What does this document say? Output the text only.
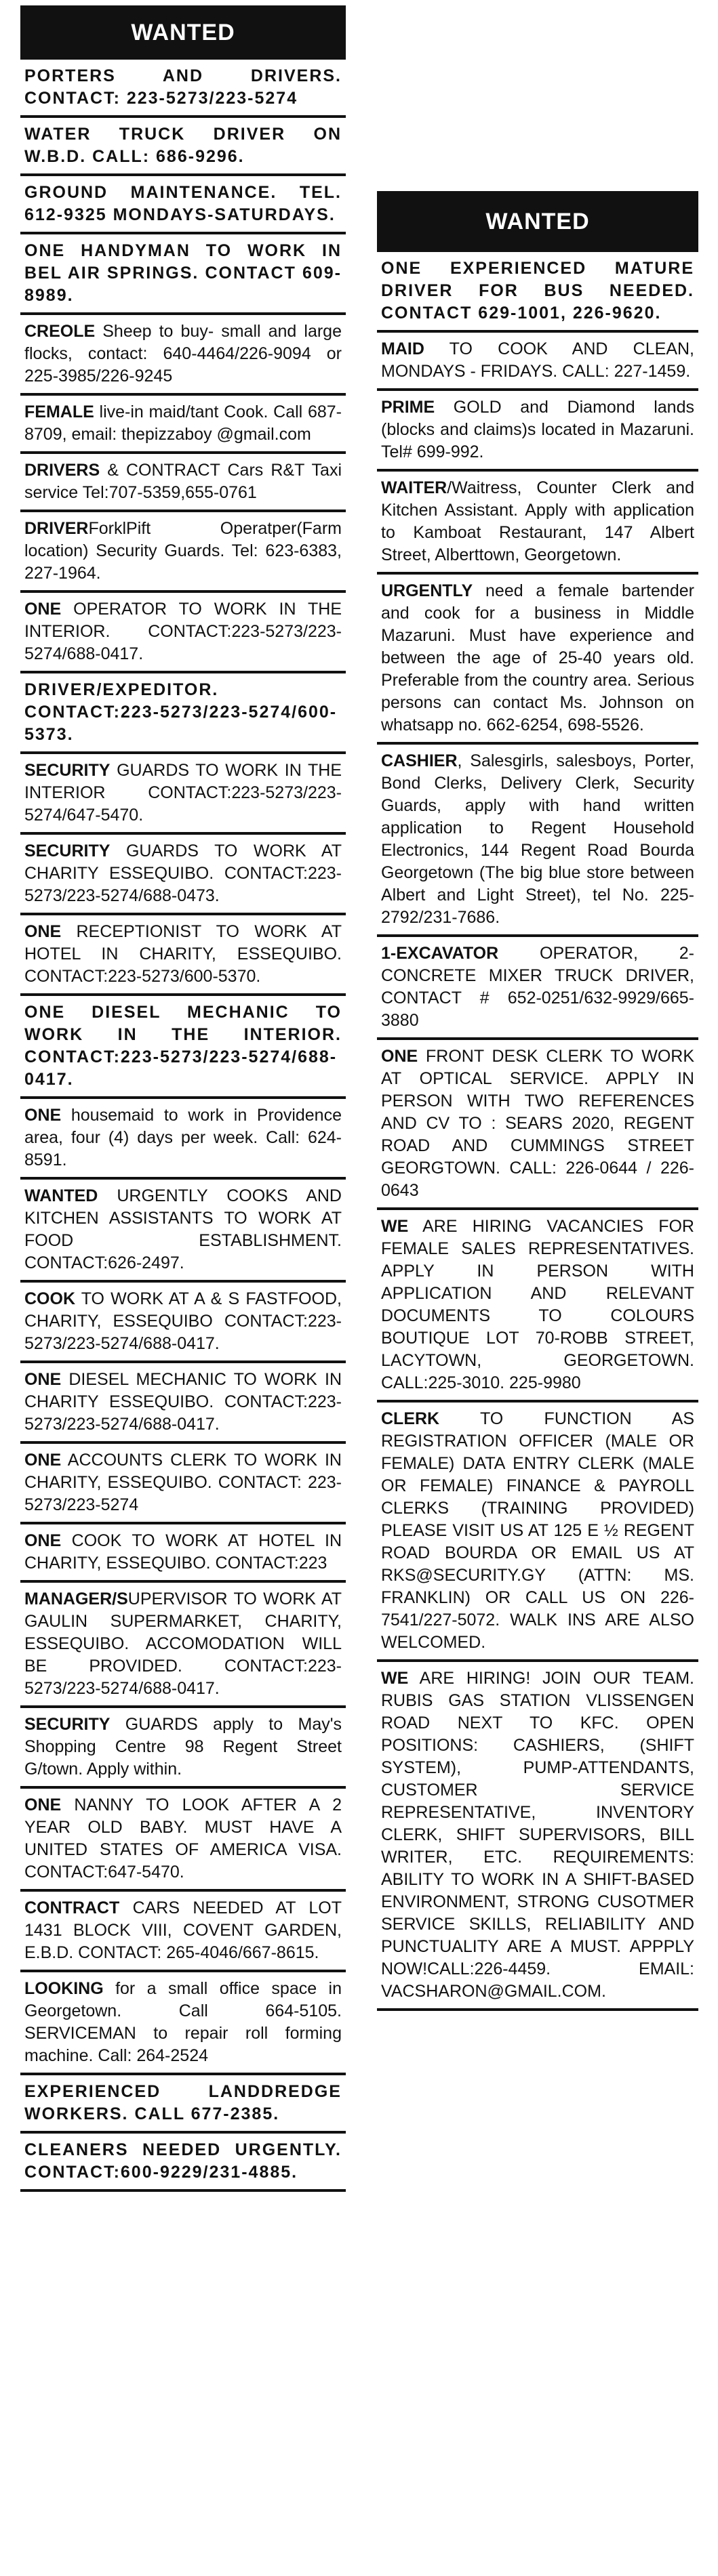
WANTED
PORTERS AND DRIVERS. CONTACT: 223-5273/223-5274
WATER TRUCK DRIVER ON W.B.D. CALL: 686-9296.
GROUND MAINTENANCE. TEL. 612-9325 MONDAYS-SATURDAYS.
ONE HANDYMAN TO WORK IN BEL AIR SPRINGS. CONTACT 609-8989.
CREOLE Sheep to buy- small and large flocks, contact: 640-4464/226-9094 or 225-3985/226-9245
FEMALE live-in maid/tant Cook. Call 687-8709, email: thepizzaboy @gmail.com
DRIVERS & CONTRACT Cars R&T Taxi service Tel:707-5359,655-0761
DRIVERForklPift Operatper(Farm location) Security Guards. Tel: 623-6383, 227-1964.
ONE OPERATOR TO WORK IN THE INTERIOR. CONTACT:223-5273/223-5274/688-0417.
DRIVER/EXPEDITOR. CONTACT:223-5273/223-5274/600-5373.
SECURITY GUARDS TO WORK IN THE INTERIOR CONTACT:223-5273/223-5274/647-5470.
SECURITY GUARDS TO WORK AT CHARITY ESSEQUIBO. CONTACT:223-5273/223-5274/688-0473.
ONE RECEPTIONIST TO WORK AT HOTEL IN CHARITY, ESSEQUIBO. CONTACT:223-5273/600-5370.
ONE DIESEL MECHANIC TO WORK IN THE INTERIOR. CONTACT:223-5273/223-5274/688-0417.
ONE housemaid to work in Providence area, four (4) days per week. Call: 624-8591.
WANTED URGENTLY COOKS AND KITCHEN ASSISTANTS TO WORK AT FOOD ESTABLISHMENT. CONTACT:626-2497.
COOK TO WORK AT A & S FASTFOOD, CHARITY, ESSEQUIBO CONTACT:223-5273/223-5274/688-0417.
ONE DIESEL MECHANIC TO WORK IN CHARITY ESSEQUIBO. CONTACT:223-5273/223-5274/688-0417.
ONE ACCOUNTS CLERK TO WORK IN CHARITY, ESSEQUIBO. CONTACT: 223-5273/223-5274
ONE COOK TO WORK AT HOTEL IN CHARITY, ESSEQUIBO. CONTACT:223
MANAGER/SUPERVISOR TO WORK AT GAULIN SUPERMARKET, CHARITY, ESSEQUIBO. ACCOMODATION WILL BE PROVIDED. CONTACT:223-5273/223-5274/688-0417.
SECURITY GUARDS apply to May's Shopping Centre 98 Regent Street G/town. Apply within.
ONE NANNY TO LOOK AFTER A 2 YEAR OLD BABY. MUST HAVE A UNITED STATES OF AMERICA VISA. CONTACT:647-5470.
CONTRACT CARS NEEDED AT LOT 1431 BLOCK VIII, COVENT GARDEN, E.B.D. CONTACT: 265-4046/667-8615.
LOOKING for a small office space in Georgetown. Call 664-5105. SERVICEMAN to repair roll forming machine. Call: 264-2524
EXPERIENCED LANDDREDGE WORKERS. CALL 677-2385.
CLEANERS NEEDED URGENTLY. CONTACT:600-9229/231-4885.
WANTED
ONE EXPERIENCED MATURE DRIVER FOR BUS NEEDED. CONTACT 629-1001, 226-9620.
MAID TO COOK AND CLEAN, MONDAYS - FRIDAYS. CALL: 227-1459.
PRIME GOLD and Diamond lands (blocks and claims)s located in Mazaruni. Tel# 699-992.
WAITER/Waitress, Counter Clerk and Kitchen Assistant. Apply with application to Kamboat Restaurant, 147 Albert Street, Alberttown, Georgetown.
URGENTLY need a female bartender and cook for a business in Middle Mazaruni. Must have experience and between the age of 25-40 years old. Preferable from the country area. Serious persons can contact Ms. Johnson on whatsapp no. 662-6254, 698-5526.
CASHIER, Salesgirls, salesboys, Porter, Bond Clerks, Delivery Clerk, Security Guards, apply with hand written application to Regent Household Electronics, 144 Regent Road Bourda Georgetown (The big blue store between Albert and Light Street), tel No. 225-2792/231-7686.
1-EXCAVATOR OPERATOR, 2- CONCRETE MIXER TRUCK DRIVER, CONTACT # 652-0251/632-9929/665-3880
ONE FRONT DESK CLERK TO WORK AT OPTICAL SERVICE. APPLY IN PERSON WITH TWO REFERENCES AND CV TO : SEARS 2020, REGENT ROAD AND CUMMINGS STREET GEORGTOWN. CALL: 226-0644 / 226-0643
WE ARE HIRING VACANCIES FOR FEMALE SALES REPRESENTATIVES. APPLY IN PERSON WITH APPLICATION AND RELEVANT DOCUMENTS TO COLOURS BOUTIQUE LOT 70-ROBB STREET, LACYTOWN, GEORGETOWN. CALL:225-3010. 225-9980
CLERK TO FUNCTION AS REGISTRATION OFFICER (MALE OR FEMALE) DATA ENTRY CLERK (MALE OR FEMALE) FINANCE & PAYROLL CLERKS (TRAINING PROVIDED) PLEASE VISIT US AT 125 E ½ REGENT ROAD BOURDA OR EMAIL US AT RKS@SECURITY.GY (ATTN: MS. FRANKLIN) OR CALL US ON 226-7541/227-5072. WALK INS ARE ALSO WELCOMED.
WE ARE HIRING! JOIN OUR TEAM. RUBIS GAS STATION VLISSENGEN ROAD NEXT TO KFC. OPEN POSITIONS: CASHIERS, (SHIFT SYSTEM), PUMP-ATTENDANTS, CUSTOMER SERVICE REPRESENTATIVE, INVENTORY CLERK, SHIFT SUPERVISORS, BILL WRITER, ETC. REQUIREMENTS: ABILITY TO WORK IN A SHIFT-BASED ENVIRONMENT, STRONG CUSOTMER SERVICE SKILLS, RELIABILITY AND PUNCTUALITY ARE A MUST. APPPLY NOW!CALL:226-4459. EMAIL: VACSHARON@GMAIL.COM.
